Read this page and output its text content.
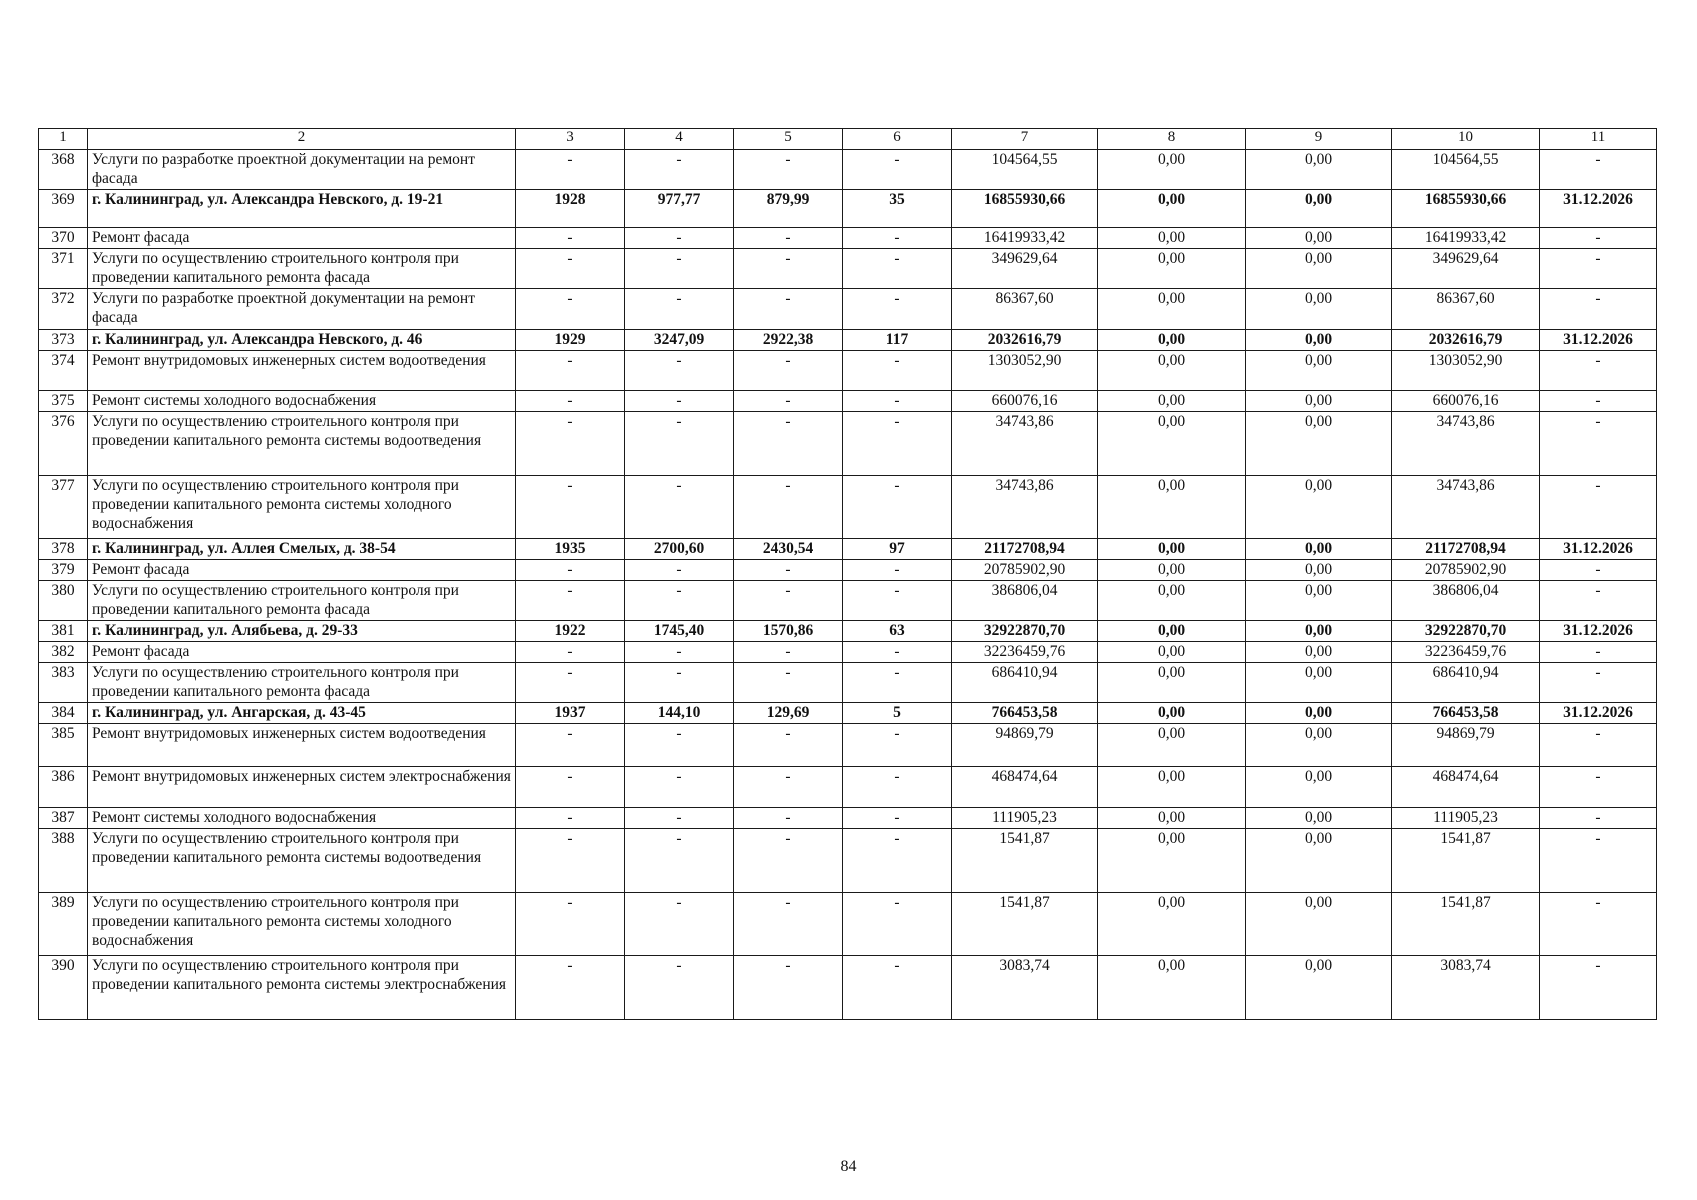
1	2	3	4	5	6	7	8	9	10	11
368	Услуги по разработке проектной документации на ремонт фасада	-	-	-	-	104564,55	0,00	0,00	104564,55	-
369	г. Калининград, ул. Александра Невского, д. 19-21	1928	977,77	879,99	35	16855930,66	0,00	0,00	16855930,66	31.12.2026
370	Ремонт фасада	-	-	-	-	16419933,42	0,00	0,00	16419933,42	-
371	Услуги по осуществлению строительного контроля при проведении капитального ремонта фасада	-	-	-	-	349629,64	0,00	0,00	349629,64	-
372	Услуги по разработке проектной документации на ремонт фасада	-	-	-	-	86367,60	0,00	0,00	86367,60	-
373	г. Калининград, ул. Александра Невского, д. 46	1929	3247,09	2922,38	117	2032616,79	0,00	0,00	2032616,79	31.12.2026
374	Ремонт внутридомовых инженерных систем водоотведения	-	-	-	-	1303052,90	0,00	0,00	1303052,90	-
375	Ремонт системы холодного водоснабжения	-	-	-	-	660076,16	0,00	0,00	660076,16	-
376	Услуги по осуществлению строительного контроля при проведении капитального ремонта системы водоотведения	-	-	-	-	34743,86	0,00	0,00	34743,86	-
377	Услуги по осуществлению строительного контроля при проведении капитального ремонта системы холодного водоснабжения	-	-	-	-	34743,86	0,00	0,00	34743,86	-
378	г. Калининград, ул. Аллея Смелых, д. 38-54	1935	2700,60	2430,54	97	21172708,94	0,00	0,00	21172708,94	31.12.2026
379	Ремонт фасада	-	-	-	-	20785902,90	0,00	0,00	20785902,90	-
380	Услуги по осуществлению строительного контроля при проведении капитального ремонта фасада	-	-	-	-	386806,04	0,00	0,00	386806,04	-
381	г. Калининград, ул. Алябьева, д. 29-33	1922	1745,40	1570,86	63	32922870,70	0,00	0,00	32922870,70	31.12.2026
382	Ремонт фасада	-	-	-	-	32236459,76	0,00	0,00	32236459,76	-
383	Услуги по осуществлению строительного контроля при проведении капитального ремонта фасада	-	-	-	-	686410,94	0,00	0,00	686410,94	-
384	г. Калининград, ул. Ангарская, д. 43-45	1937	144,10	129,69	5	766453,58	0,00	0,00	766453,58	31.12.2026
385	Ремонт внутридомовых инженерных систем водоотведения	-	-	-	-	94869,79	0,00	0,00	94869,79	-
386	Ремонт внутридомовых инженерных систем электроснабжения	-	-	-	-	468474,64	0,00	0,00	468474,64	-
387	Ремонт системы холодного водоснабжения	-	-	-	-	111905,23	0,00	0,00	111905,23	-
388	Услуги по осуществлению строительного контроля при проведении капитального ремонта системы водоотведения	-	-	-	-	1541,87	0,00	0,00	1541,87	-
389	Услуги по осуществлению строительного контроля при проведении капитального ремонта системы холодного водоснабжения	-	-	-	-	1541,87	0,00	0,00	1541,87	-
390	Услуги по осуществлению строительного контроля при проведении капитального ремонта системы электроснабжения	-	-	-	-	3083,74	0,00	0,00	3083,74	-
84
